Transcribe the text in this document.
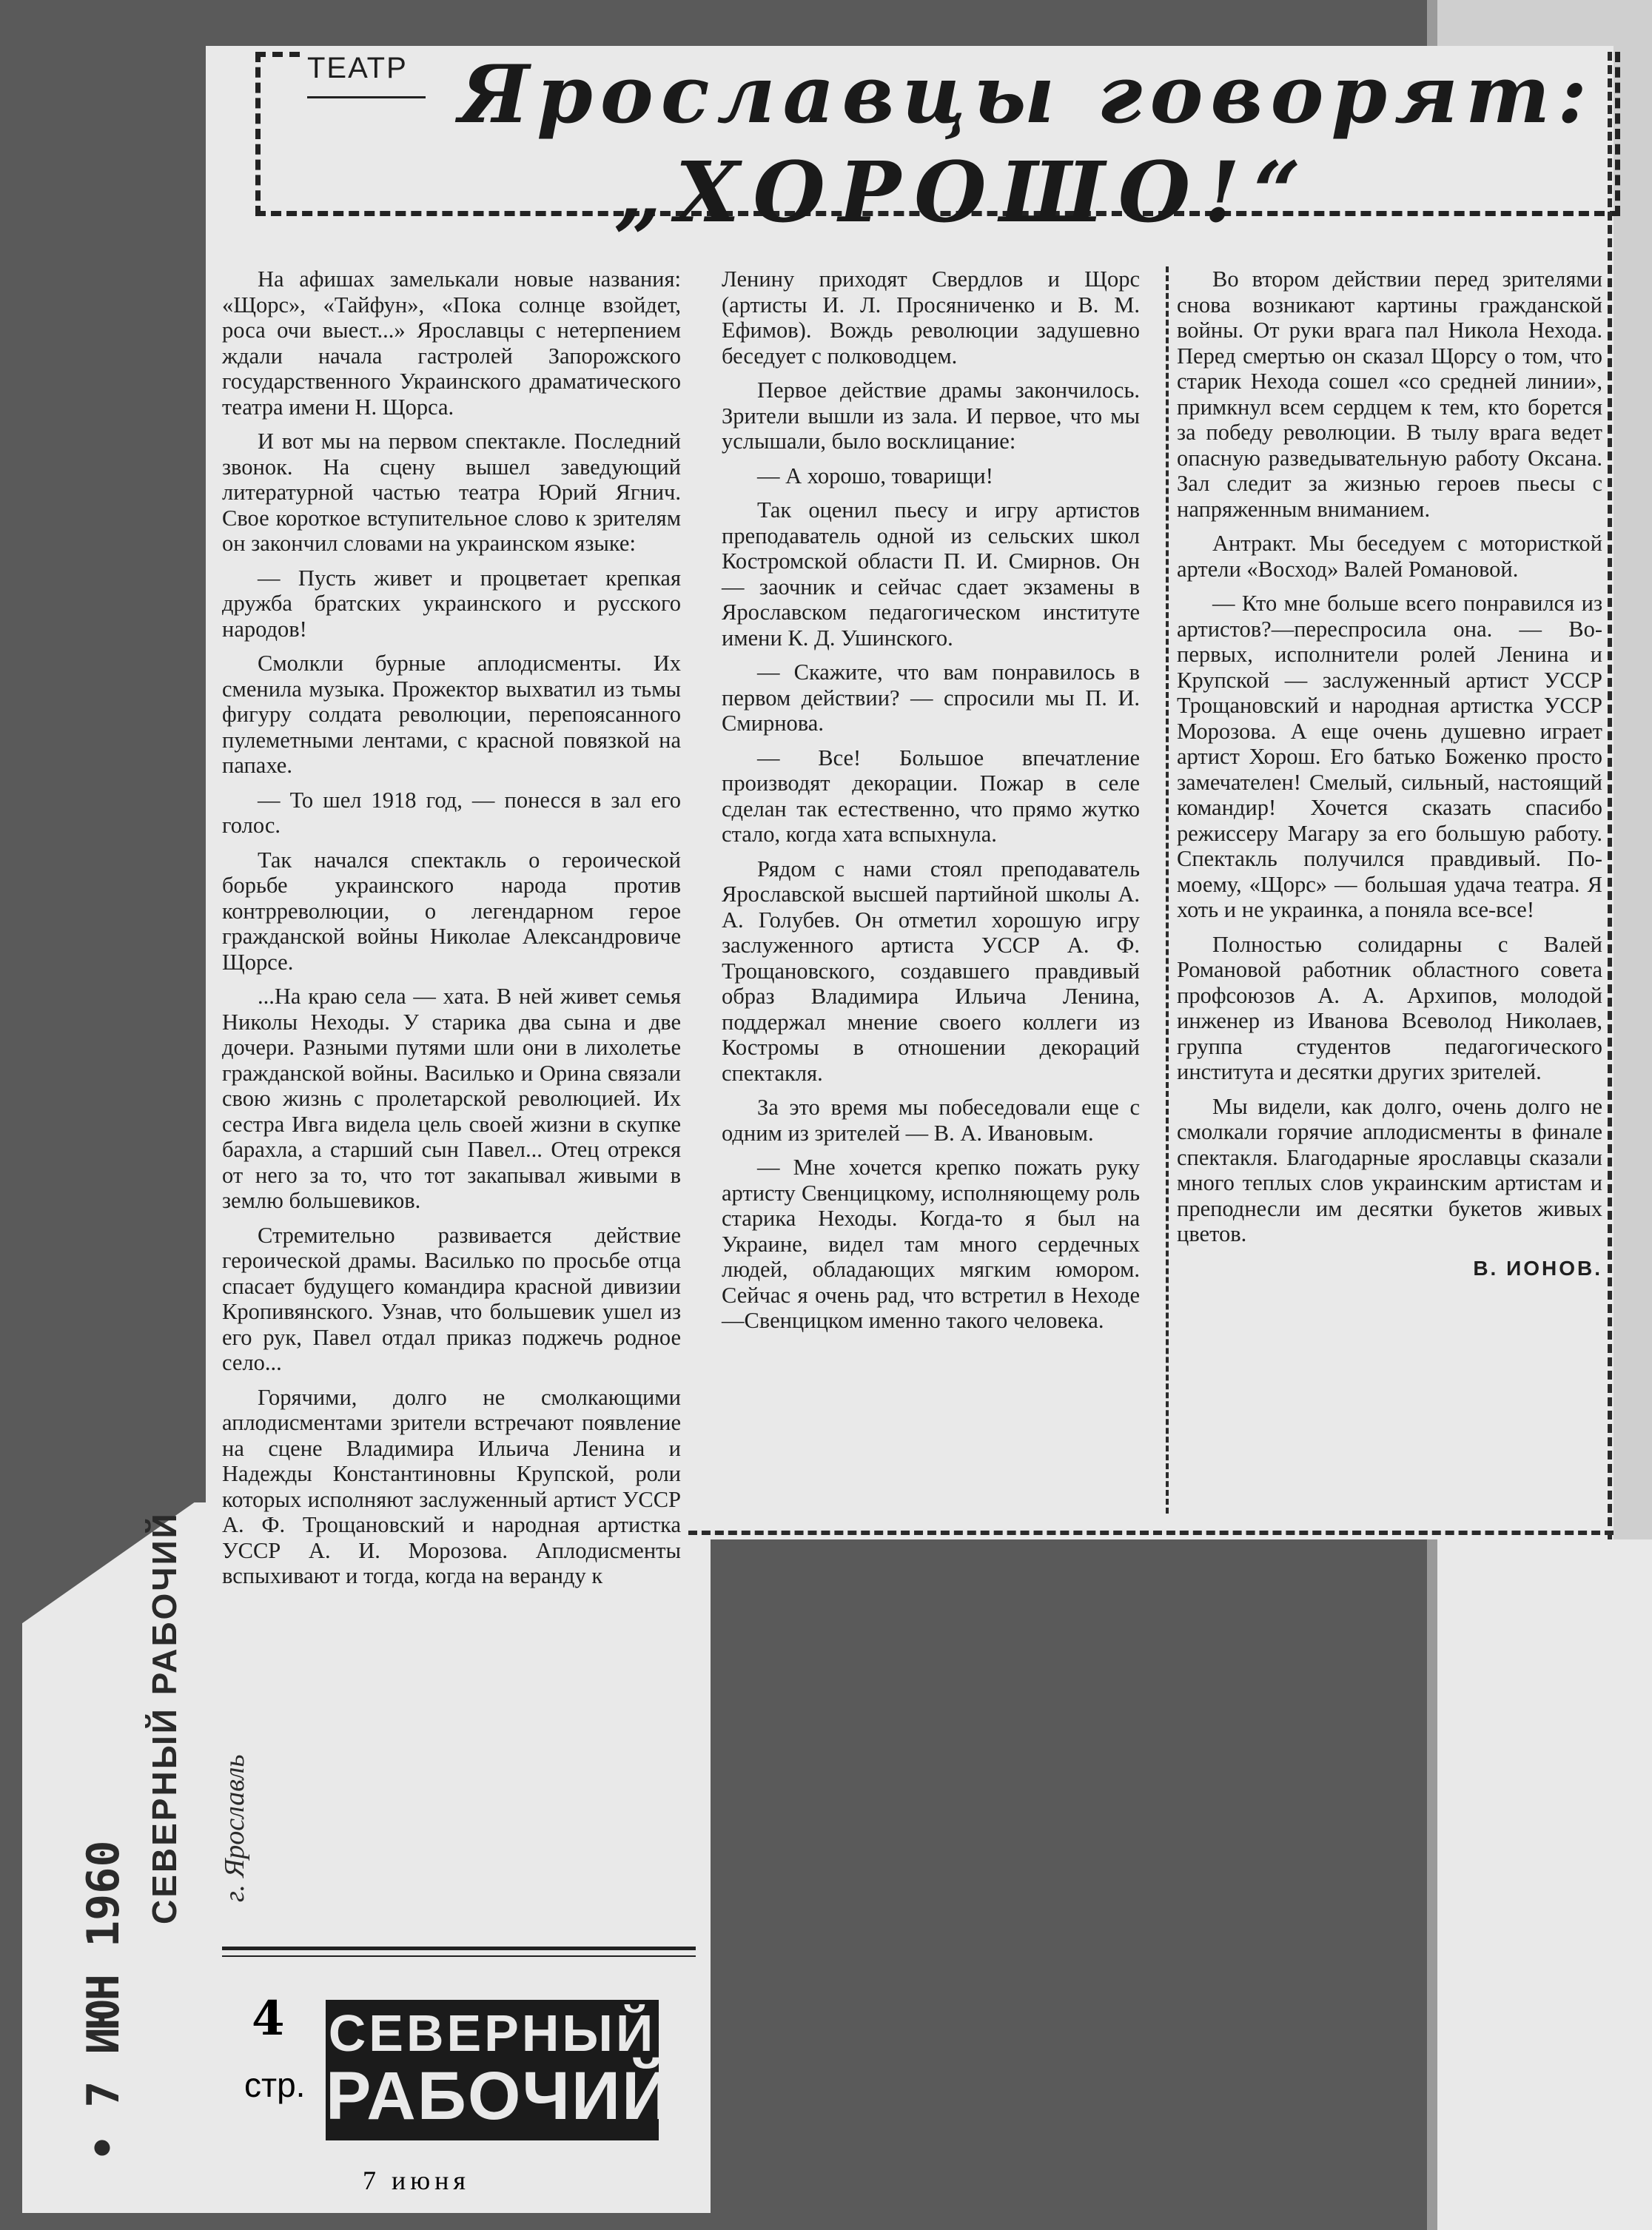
ТЕАТР Ярославцы говорят:
„ХОРОШО!“

На афишах замелькали новые названия: «Щорс», «Тайфун», «Пока солнце взойдет, роса очи выест...» Ярославцы с нетерпением ждали начала гастролей Запорожского государственного Украинского драматического театра имени Н. Щорса.

И вот мы на первом спектакле. Последний звонок. На сцену вышел заведующий литературной частью театра Юрий Ягнич. Свое короткое вступительное слово к зрителям он закончил словами на украинском языке:

— Пусть живет и процветает крепкая дружба братских украинского и русского народов!

Смолкли бурные аплодисменты. Их сменила музыка. Прожектор выхватил из тьмы фигуру солдата революции, перепоясанного пулеметными лентами, с красной повязкой на папахе.

— То шел 1918 год, — понесся в зал его голос.

Так начался спектакль о героической борьбе украинского народа против контрреволюции, о легендарном герое гражданской войны Николае Александровиче Щорсе.

...На краю села — хата. В ней живет семья Николы Неходы. У старика два сына и две дочери. Разными путями шли они в лихолетье гражданской войны. Василько и Орина связали свою жизнь с пролетарской революцией. Их сестра Ивга видела цель своей жизни в скупке барахла, а старший сын Павел... Отец отрекся от него за то, что тот закапывал живыми в землю большевиков.

Стремительно развивается действие героической драмы. Василько по просьбе отца спасает будущего командира красной дивизии Кропивянского. Узнав, что большевик ушел из его рук, Павел отдал приказ поджечь родное село...

Горячими, долго не смолкающими аплодисментами зрители встречают появление на сцене Владимира Ильича Ленина и Надежды Константиновны Крупской, роли которых исполняют заслуженный артист УССР А. Ф. Трощановский и народная артистка УССР А. И. Морозова. Аплодисменты вспыхивают и тогда, когда на веранду к

Ленину приходят Свердлов и Щорс (артисты И. Л. Просяниченко и В. М. Ефимов). Вождь революции задушевно беседует с полководцем.

Первое действие драмы закончилось. Зрители вышли из зала. И первое, что мы услышали, было восклицание:

— А хорошо, товарищи!

Так оценил пьесу и игру артистов преподаватель одной из сельских школ Костромской области П. И. Смирнов. Он — заочник и сейчас сдает экзамены в Ярославском педагогическом институте имени К. Д. Ушинского.

— Скажите, что вам понравилось в первом действии? — спросили мы П. И. Смирнова.

— Все! Большое впечатление производят декорации. Пожар в селе сделан так естественно, что прямо жутко стало, когда хата вспыхнула.

Рядом с нами стоял преподаватель Ярославской высшей партийной школы А. А. Голубев. Он отметил хорошую игру заслуженного артиста УССР А. Ф. Трощановского, создавшего правдивый образ Владимира Ильича Ленина, поддержал мнение своего коллеги из Костромы в отношении декораций спектакля.

За это время мы побеседовали еще с одним из зрителей — В. А. Ивановым.

— Мне хочется крепко пожать руку артисту Свенцицкому, исполняющему роль старика Неходы. Когда-то я был на Украине, видел там много сердечных людей, обладающих мягким юмором. Сейчас я очень рад, что встретил в Неходе—Свенцицком именно такого человека.

Во втором действии перед зрителями снова возникают картины гражданской войны. От руки врага пал Никола Нехода. Перед смертью он сказал Щорсу о том, что старик Нехода сошел «со средней линии», примкнул всем сердцем к тем, кто борется за победу революции. В тылу врага ведет опасную разведывательную работу Оксана. Зал следит за жизнью героев пьесы с напряженным вниманием.

Антракт. Мы беседуем с мотористкой артели «Восход» Валей Романовой.

— Кто мне больше всего понравился из артистов?—переспросила она. — Во-первых, исполнители ролей Ленина и Крупской — заслуженный артист УССР Трощановский и народная артистка УССР Морозова. А еще очень душевно играет артист Хорош. Его батько Боженко просто замечателен! Смелый, сильный, настоящий командир! Хочется сказать спасибо режиссеру Магару за его большую работу. Спектакль получился правдивый. По-моему, «Щорс» — большая удача театра. Я хоть и не украинка, а поняла все-все!

Полностью солидарны с Валей Романовой работник областного совета профсоюзов А. А. Архипов, молодой инженер из Иванова Всеволод Николаев, группа студентов педагогического института и десятки других зрителей.

Мы видели, как долго, очень долго не смолкали горячие аплодисменты в финале спектакля. Благодарные ярославцы сказали много теплых слов украинским артистам и преподнесли им десятки букетов живых цветов.

В. ИОНОВ.

• 7 ИЮН 1960
СЕВЕРНЫЙ РАБОЧИЙ г. Ярославль
4
стр.
СЕВЕРНЫЙ
РАБОЧИЙ
7 июня
